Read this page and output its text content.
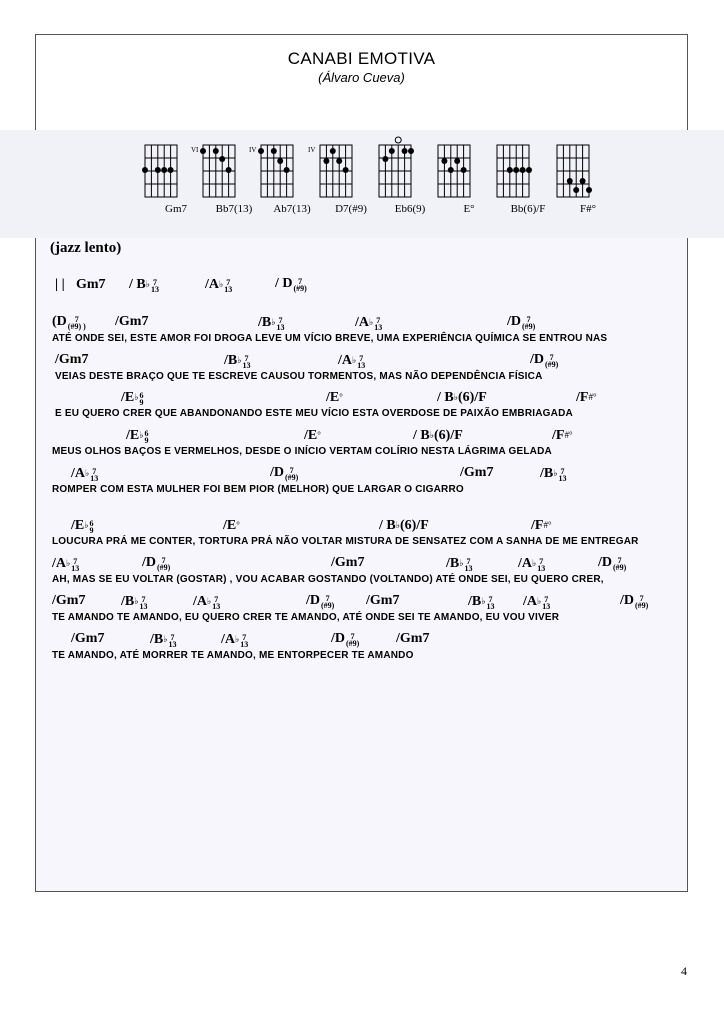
CANABI EMOTIVA
(Álvaro Cueva)
Gm7
VI
Bb7(13)
IV
Ab7(13)
IV
D7(#9)	Eb6(9)	E°	Bb(6)/F	F#°
(jazz lento)
| | Gm7 / B♭ 7
13	/A♭ 7
13	/ D 7
(#9)
(D	7
(#9) ) /Gm7	/B♭ 7
13	/A♭ 7
13	/D 7
(#9)
ATÉ ONDE SEI, ESTE AMOR FOI DROGA LEVE UM VÍCIO BREVE, UMA EXPERIÊNCIA QUÍMICA SE ENTROU NAS
/Gm7	/B♭ 7
13	/A♭ 7
13	/D 7
(#9)
VEIAS DESTE BRAÇO QUE TE ESCREVE CAUSOU TORMENTOS, MAS NÃO DEPENDÊNCIA FÍSICA
/E♭ 6
9	/E°	/ B♭(6)/F	/F#°
E EU QUERO CRER QUE ABANDONANDO ESTE MEU VÍCIO ESTA OVERDOSE DE PAIXÃO EMBRIAGADA
/E♭ 6
9	/E°	/ B♭(6)/F	/F#°
MEUS OLHOS BAÇOS E VERMELHOS, DESDE O INÍCIO VERTAM COLÍRIO NESTA LÁGRIMA GELADA
/A♭ 7
13	/D 7
(#9)	/Gm7	/B♭ 7
13
ROMPER COM ESTA MULHER FOI BEM PIOR (MELHOR) QUE LARGAR O CIGARRO
/E♭ 6
9	/E°	/ B♭(6)/F	/F#°
LOUCURA PRÁ ME CONTER, TORTURA PRÁ NÃO VOLTAR MISTURA DE SENSATEZ COM A SANHA DE ME ENTREGAR
/A♭ 7
13	/D 7
(#9)	/Gm7	/B♭ 7
13	/A♭ 7
13	/D 7
(#9)
AH, MAS SE EU VOLTAR (GOSTAR) , VOU ACABAR GOSTANDO (VOLTANDO) ATÉ ONDE SEI, EU QUERO CRER,
/Gm7	/B♭ 7
13	/A♭ 7
13	/D 7
(#9) /Gm7	/B♭ 7
13 /A♭ 7
13	/D 7
(#9)
TE AMANDO TE AMANDO, EU QUERO CRER TE AMANDO, ATÉ ONDE SEI TE AMANDO, EU VOU VIVER
/Gm7	/B♭ 7
13	/A♭ 7
13	/D 7
(#9)	/Gm7
TE AMANDO, ATÉ MORRER TE AMANDO, ME ENTORPECER TE AMANDO
4
